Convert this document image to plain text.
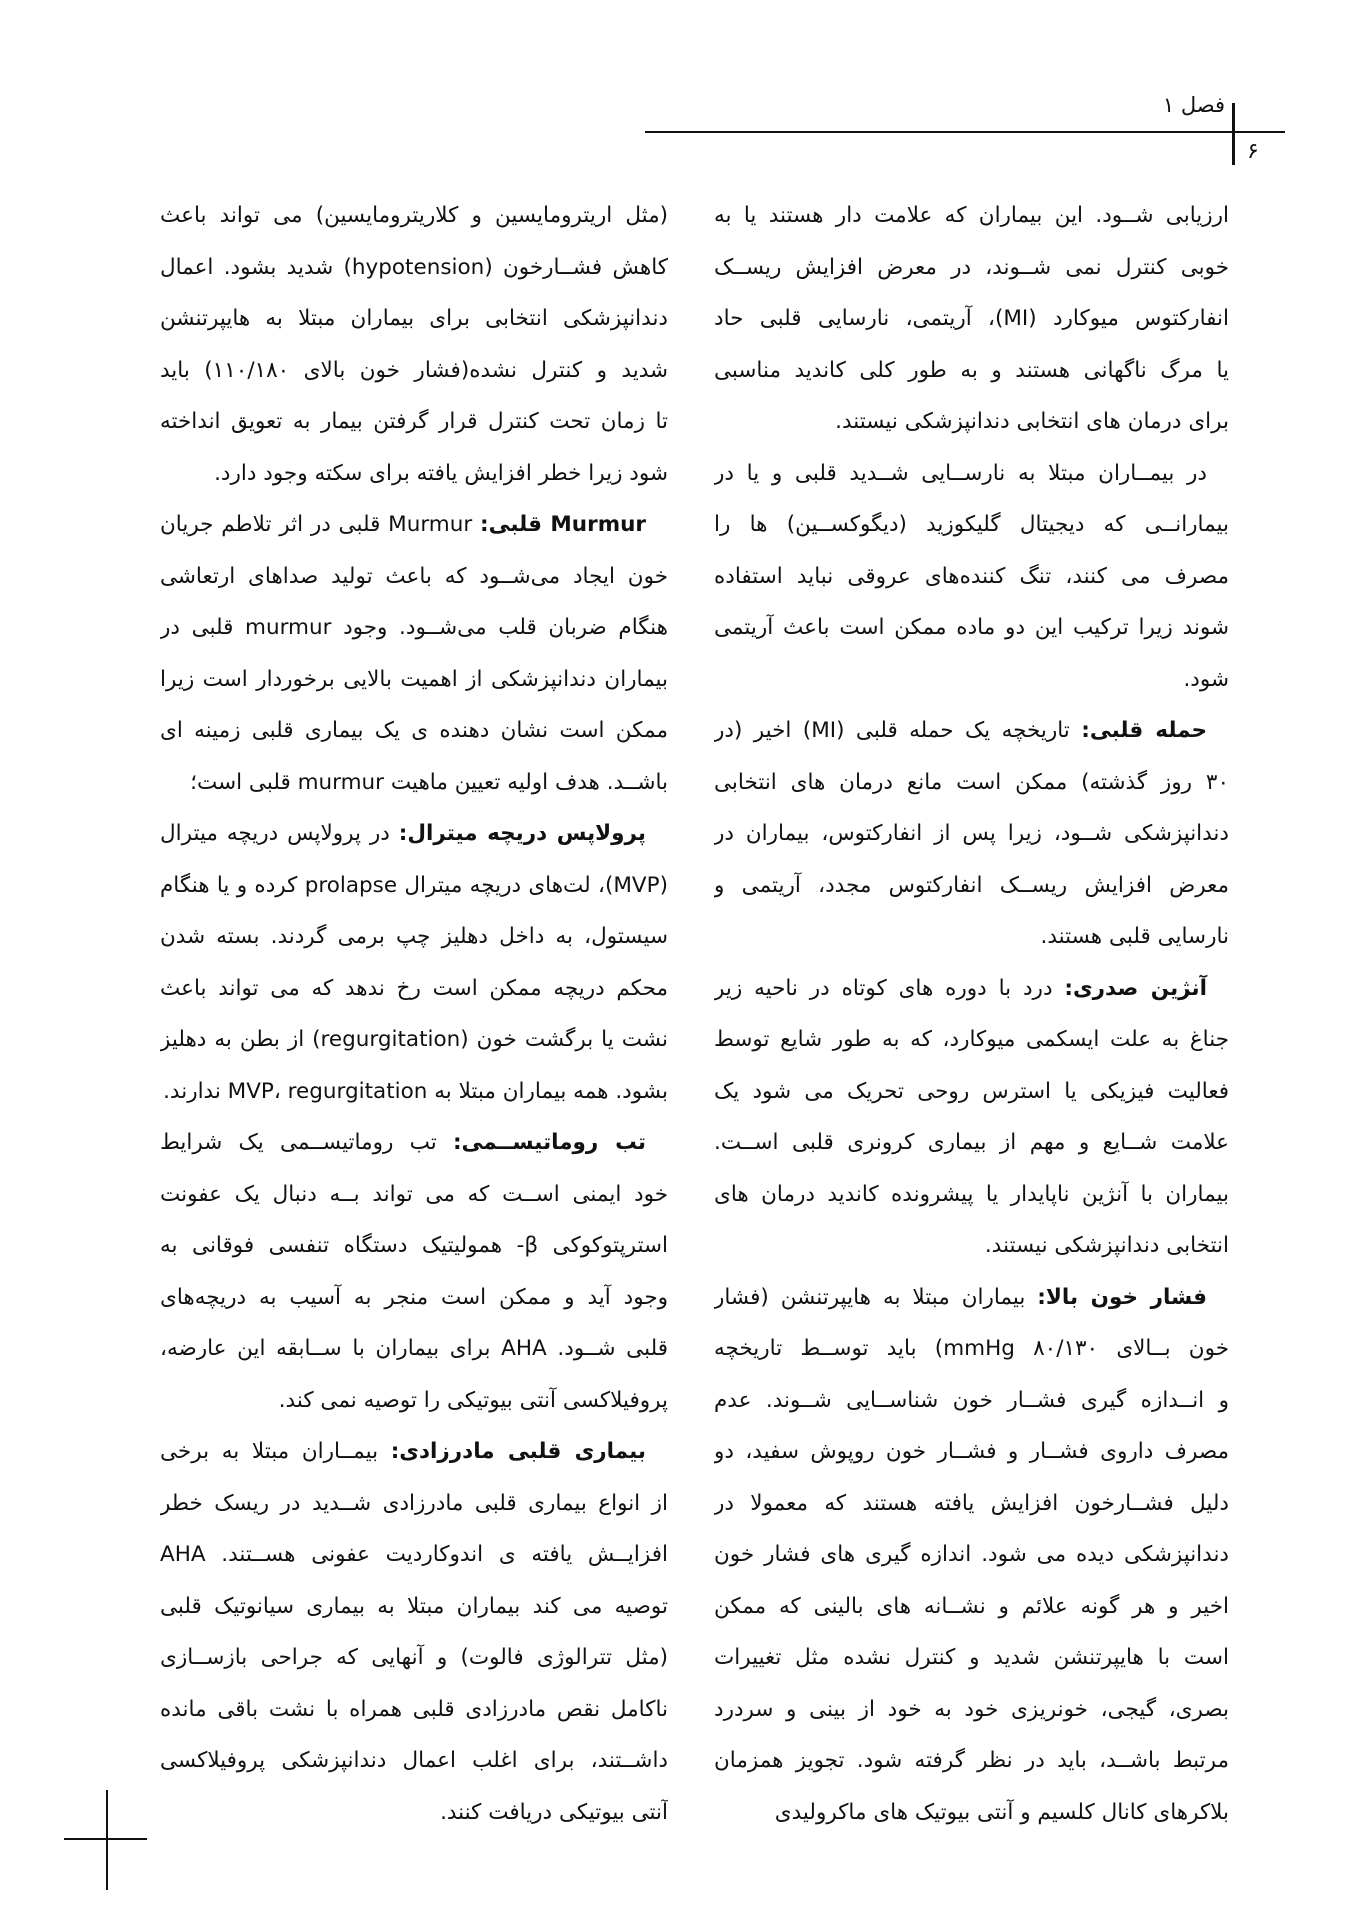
فصل ۱
۶
ارزیابی شــود. این بیماران که علامت دار هستند یا به
خوبی کنترل نمی شــوند، در معرض افزایش ریســک
انفارکتوس میوکارد (MI)، آریتمی، نارسایی قلبی حاد
یا مرگ ناگهانی هستند و به طور کلی کاندید مناسبی
برای درمان های انتخابی دندانپزشکی نیستند.
در بیمــاران مبتلا به نارســایی شــدید قلبی و یا در
بیمارانــی که دیجیتال گلیکوزید (دیگوکســین) ها را
مصرف می کنند، تنگ کننده‌های عروقی نباید استفاده
شوند زیرا ترکیب این دو ماده ممکن است باعث آریتمی
شود.
حمله قلبی: تاریخچه یک حمله قلبی (MI) اخیر (در
۳۰ روز گذشته) ممکن است مانع درمان های انتخابی
دندانپزشکی شــود، زیرا پس از انفارکتوس، بیماران در
معرض افزایش ریســک انفارکتوس مجدد، آریتمی و
نارسایی قلبی هستند.
آنژین صدری: درد با دوره های کوتاه در ناحیه زیر
جناغ به علت ایسکمی میوکارد، که به طور شایع توسط
فعالیت فیزیکی یا استرس روحی تحریک می شود یک
علامت شــایع و مهم از بیماری کرونری قلبی اســت.
بیماران با آنژین ناپایدار یا پیشرونده کاندید درمان های
انتخابی دندانپزشکی نیستند.
فشار خون بالا: بیماران مبتلا به هایپرتنشن (فشار
خون بــالای ۸۰/۱۳۰ mmHg) باید توســط تاریخچه
و انــدازه گیری فشــار خون شناســایی شــوند. عدم
مصرف داروی فشــار و فشــار خون روپوش سفید، دو
دلیل فشــارخون افزایش یافته هستند که معمولا در
دندانپزشکی دیده می شود. اندازه گیری های فشار خون
اخیر و هر گونه علائم و نشــانه های بالینی که ممکن
است با هایپرتنشن شدید و کنترل نشده مثل تغییرات
بصری، گیجی، خونریزی خود به خود از بینی و سردرد
مرتبط باشــد، باید در نظر گرفته شود. تجویز همزمان
بلاکرهای کانال کلسیم و آنتی بیوتیک های ماکرولیدی
(مثل اریترومایسین و کلاریترومایسین) می تواند باعث
کاهش فشــارخون (hypotension) شدید بشود. اعمال
دندانپزشکی انتخابی برای بیماران مبتلا به هایپرتنشن
شدید و کنترل نشده(فشار خون بالای ۱۱۰/۱۸۰) باید
تا زمان تحت کنترل قرار گرفتن بیمار به تعویق انداخته
شود زیرا خطر افزایش یافته برای سکته وجود دارد.
Murmur قلبی: Murmur قلبی در اثر تلاطم جریان
خون ایجاد می‌شــود که باعث تولید صداهای ارتعاشی
هنگام ضربان قلب می‌شــود. وجود murmur قلبی در
بیماران دندانپزشکی از اهمیت بالایی برخوردار است زیرا
ممکن است نشان دهنده ی یک بیماری قلبی زمینه ای
باشــد. هدف اولیه تعیین ماهیت murmur قلبی است؛
پرولاپس دریچه میترال: در پرولاپس دریچه میترال
(MVP)، لت‌های دریچه میترال prolapse کرده و یا هنگام
سیستول، به داخل دهلیز چپ برمی گردند. بسته شدن
محکم دریچه ممکن است رخ ندهد که می تواند باعث
نشت یا برگشت خون (regurgitation) از بطن به دهلیز
بشود. همه بیماران مبتلا به MVP، regurgitation ندارند.
تب روماتیســمی: تب روماتیســمی یک شرایط
خود ایمنی اســت که می تواند بــه دنبال یک عفونت
استرپتوکوکی β- همولیتیک دستگاه تنفسی فوقانی به
وجود آید و ممکن است منجر به آسیب به دریچه‌های
قلبی شــود. AHA برای بیماران با ســابقه این عارضه،
پروفیلاکسی آنتی بیوتیکی را توصیه نمی کند.
بیماری قلبی مادرزادی: بیمــاران مبتلا به برخی
از انواع بیماری قلبی مادرزادی شــدید در ریسک خطر
افزایــش یافته ی اندوکاردیت عفونی هســتند. AHA
توصیه می کند بیماران مبتلا به بیماری سیانوتیک قلبی
(مثل تترالوژی فالوت) و آنهایی که جراحی بازســازی
ناکامل نقص مادرزادی قلبی همراه با نشت باقی مانده
داشــتند، برای اغلب اعمال دندانپزشکی پروفیلاکسی
آنتی بیوتیکی دریافت کنند.
